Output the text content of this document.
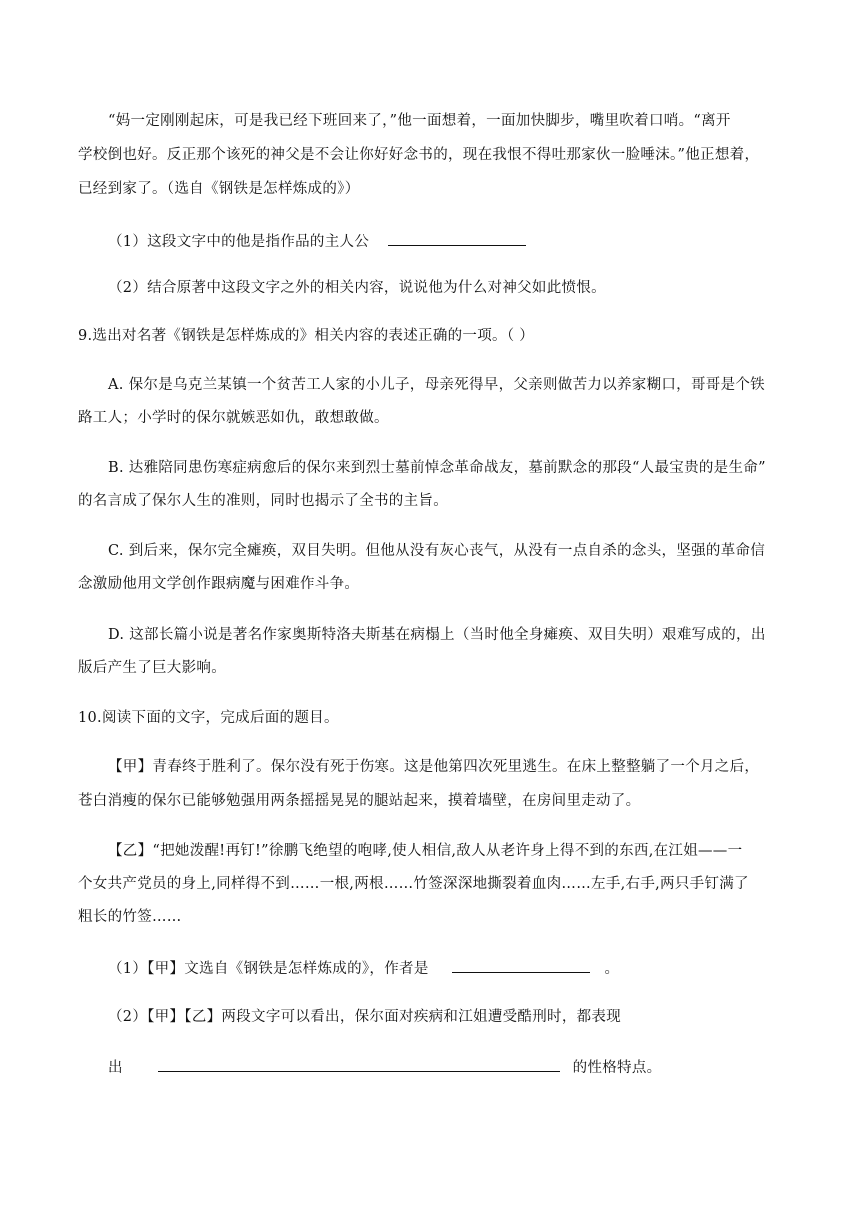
“妈一定刚刚起床，可是我已经下班回来了，”他一面想着，一面加快脚步，嘴里吹着口哨。“离开
学校倒也好。反正那个该死的神父是不会让你好好念书的，现在我恨不得吐那家伙一脸唾沫。”他正想着，
已经到家了。（选自《钢铁是怎样炼成的》）
（1）这段文字中的他是指作品的主人公
（2）结合原著中这段文字之外的相关内容，说说他为什么对神父如此愤恨。
9.选出对名著《钢铁是怎样炼成的》相关内容的表述正确的一项。（ ）
A. 保尔是乌克兰某镇一个贫苦工人家的小儿子，母亲死得早，父亲则做苦力以养家糊口，哥哥是个铁
路工人；小学时的保尔就嫉恶如仇，敢想敢做。
B. 达雅陪同患伤寒症病愈后的保尔来到烈士墓前悼念革命战友，墓前默念的那段“人最宝贵的是生命”
的名言成了保尔人生的准则，同时也揭示了全书的主旨。
C. 到后来，保尔完全瘫痪，双目失明。但他从没有灰心丧气，从没有一点自杀的念头，坚强的革命信
念激励他用文学创作跟病魔与困难作斗争。
D. 这部长篇小说是著名作家奥斯特洛夫斯基在病榻上（当时他全身瘫痪、双目失明）艰难写成的，出
版后产生了巨大影响。
10.阅读下面的文字，完成后面的题目。
【甲】青春终于胜利了。保尔没有死于伤寒。这是他第四次死里逃生。在床上整整躺了一个月之后，
苍白消瘦的保尔已能够勉强用两条摇摇晃晃的腿站起来，摸着墙壁，在房间里走动了。
【乙】“把她泼醒!再钉!”徐鹏飞绝望的咆哮,使人相信,敌人从老许身上得不到的东西,在江姐——一
个女共产党员的身上,同样得不到……一根,两根……竹签深深地撕裂着血肉……左手,右手,两只手钉满了
粗长的竹签……
（1）【甲】文选自《钢铁是怎样炼成的》，作者是	。
（2）【甲】【乙】两段文字可以看出，保尔面对疾病和江姐遭受酷刑时，都表现
出	的性格特点。
